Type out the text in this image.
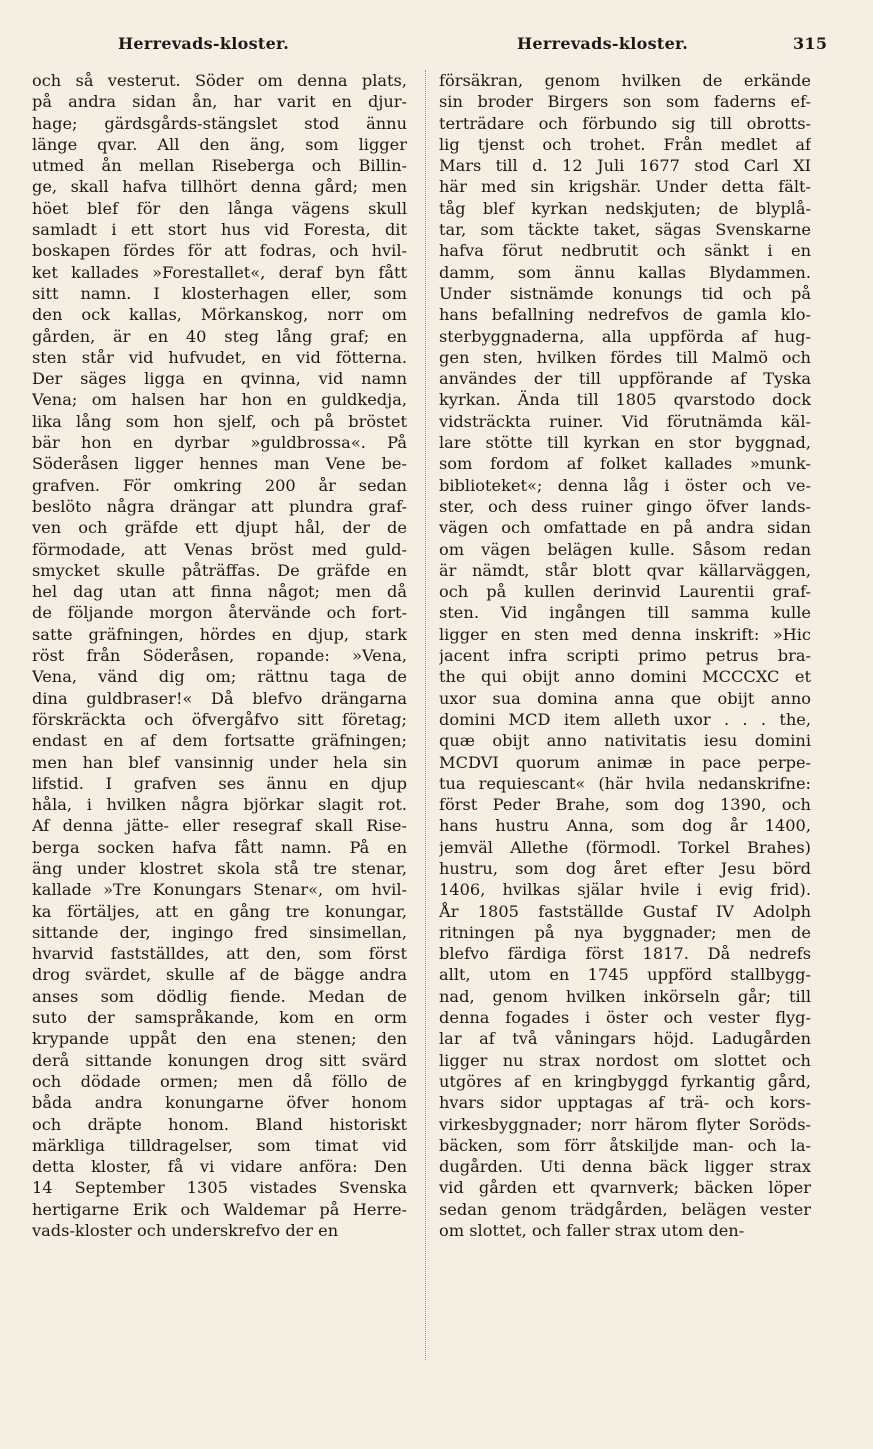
Herrevads-kloster.	Herrevads-kloster.	315
och så vesterut. Söder om denna plats,
på andra sidan ån, har varit en djur-
hage; gärdsgårds-stängslet stod ännu
länge qvar. All den äng, som ligger
utmed ån mellan Riseberga och Billin-
ge, skall hafva tillhört denna gård; men
höet blef för den långa vägens skull
samladt i ett stort hus vid Foresta, dit
boskapen fördes för att fodras, och hvil-
ket kallades »Forestallet«, deraf byn fått
sitt namn. I klosterhagen eller, som
den ock kallas, Mörkanskog, norr om
gården, är en 40 steg lång graf; en
sten står vid hufvudet, en vid fötterna.
Der säges ligga en qvinna, vid namn
Vena; om halsen har hon en guldkedja,
lika lång som hon sjelf, och på bröstet
bär hon en dyrbar »guldbrossa«. På
Söderåsen ligger hennes man Vene be-
grafven. För omkring 200 år sedan
beslöto några drängar att plundra graf-
ven och gräfde ett djupt hål, der de
förmodade, att Venas bröst med guld-
smycket skulle påträffas. De gräfde en
hel dag utan att finna något; men då
de följande morgon återvände och fort-
satte gräfningen, hördes en djup, stark
röst från Söderåsen, ropande: »Vena,
Vena, vänd dig om; rättnu taga de
dina guldbraser!« Då blefvo drängarna
förskräckta och öfvergåfvo sitt företag;
endast en af dem fortsatte gräfningen;
men han blef vansinnig under hela sin
lifstid. I grafven ses ännu en djup
håla, i hvilken några björkar slagit rot.
Af denna jätte- eller resegraf skall Rise-
berga socken hafva fått namn. På en
äng under klostret skola stå tre stenar,
kallade »Tre Konungars Stenar«, om hvil-
ka förtäljes, att en gång tre konungar,
sittande der, ingingo fred sinsimellan,
hvarvid fastställdes, att den, som först
drog svärdet, skulle af de bägge andra
anses som dödlig fiende. Medan de
suto der samspråkande, kom en orm
krypande uppåt den ena stenen; den
derå sittande konungen drog sitt svärd
och dödade ormen; men då föllo de
båda andra konungarne öfver honom
och dräpte honom. Bland historiskt
märkliga tilldragelser, som timat vid
detta kloster, få vi vidare anföra: Den
14 September 1305 vistades Svenska
hertigarne Erik och Waldemar på Herre-
vads-kloster och underskrefvo der en
försäkran, genom hvilken de erkände
sin broder Birgers son som faderns ef-
terträdare och förbundo sig till obrotts-
lig tjenst och trohet. Från medlet af
Mars till d. 12 Juli 1677 stod Carl XI
här med sin krigshär. Under detta fält-
tåg blef kyrkan nedskjuten; de blyplå-
tar, som täckte taket, sägas Svenskarne
hafva förut nedbrutit och sänkt i en
damm, som ännu kallas Blydammen.
Under sistnämde konungs tid och på
hans befallning nedrefvos de gamla klo-
sterbyggnaderna, alla uppförda af hug-
gen sten, hvilken fördes till Malmö och
användes der till uppförande af Tyska
kyrkan. Ända till 1805 qvarstodo dock
vidsträckta ruiner. Vid förutnämda käl-
lare stötte till kyrkan en stor byggnad,
som fordom af folket kallades »munk-
biblioteket«; denna låg i öster och ve-
ster, och dess ruiner gingo öfver lands-
vägen och omfattade en på andra sidan
om vägen belägen kulle. Såsom redan
är nämdt, står blott qvar källarväggen,
och på kullen derinvid Laurentii graf-
sten. Vid ingången till samma kulle
ligger en sten med denna inskrift: »Hic
jacent infra scripti primo petrus bra-
the qui obijt anno domini MCCCXC et
uxor sua domina anna que obijt anno
domini MCD item alleth uxor . . . the,
quæ obijt anno nativitatis iesu domini
MCDVI quorum animæ in pace perpe-
tua requiescant« (här hvila nedanskrifne:
först Peder Brahe, som dog 1390, och
hans hustru Anna, som dog år 1400,
jemväl Allethe (förmodl. Torkel Brahes)
hustru, som dog året efter Jesu börd
1406, hvilkas själar hvile i evig frid).
År 1805 fastställde Gustaf IV Adolph
ritningen på nya byggnader; men de
blefvo färdiga först 1817. Då nedrefs
allt, utom en 1745 uppförd stallbygg-
nad, genom hvilken inkörseln går; till
denna fogades i öster och vester flyg-
lar af två våningars höjd. Ladugården
ligger nu strax nordost om slottet och
utgöres af en kringbyggd fyrkantig gård,
hvars sidor upptagas af trä- och kors-
virkesbyggnader; norr härom flyter Soröds-
bäcken, som förr åtskiljde man- och la-
dugården. Uti denna bäck ligger strax
vid gården ett qvarnverk; bäcken löper
sedan genom trädgården, belägen vester
om slottet, och faller strax utom den-
